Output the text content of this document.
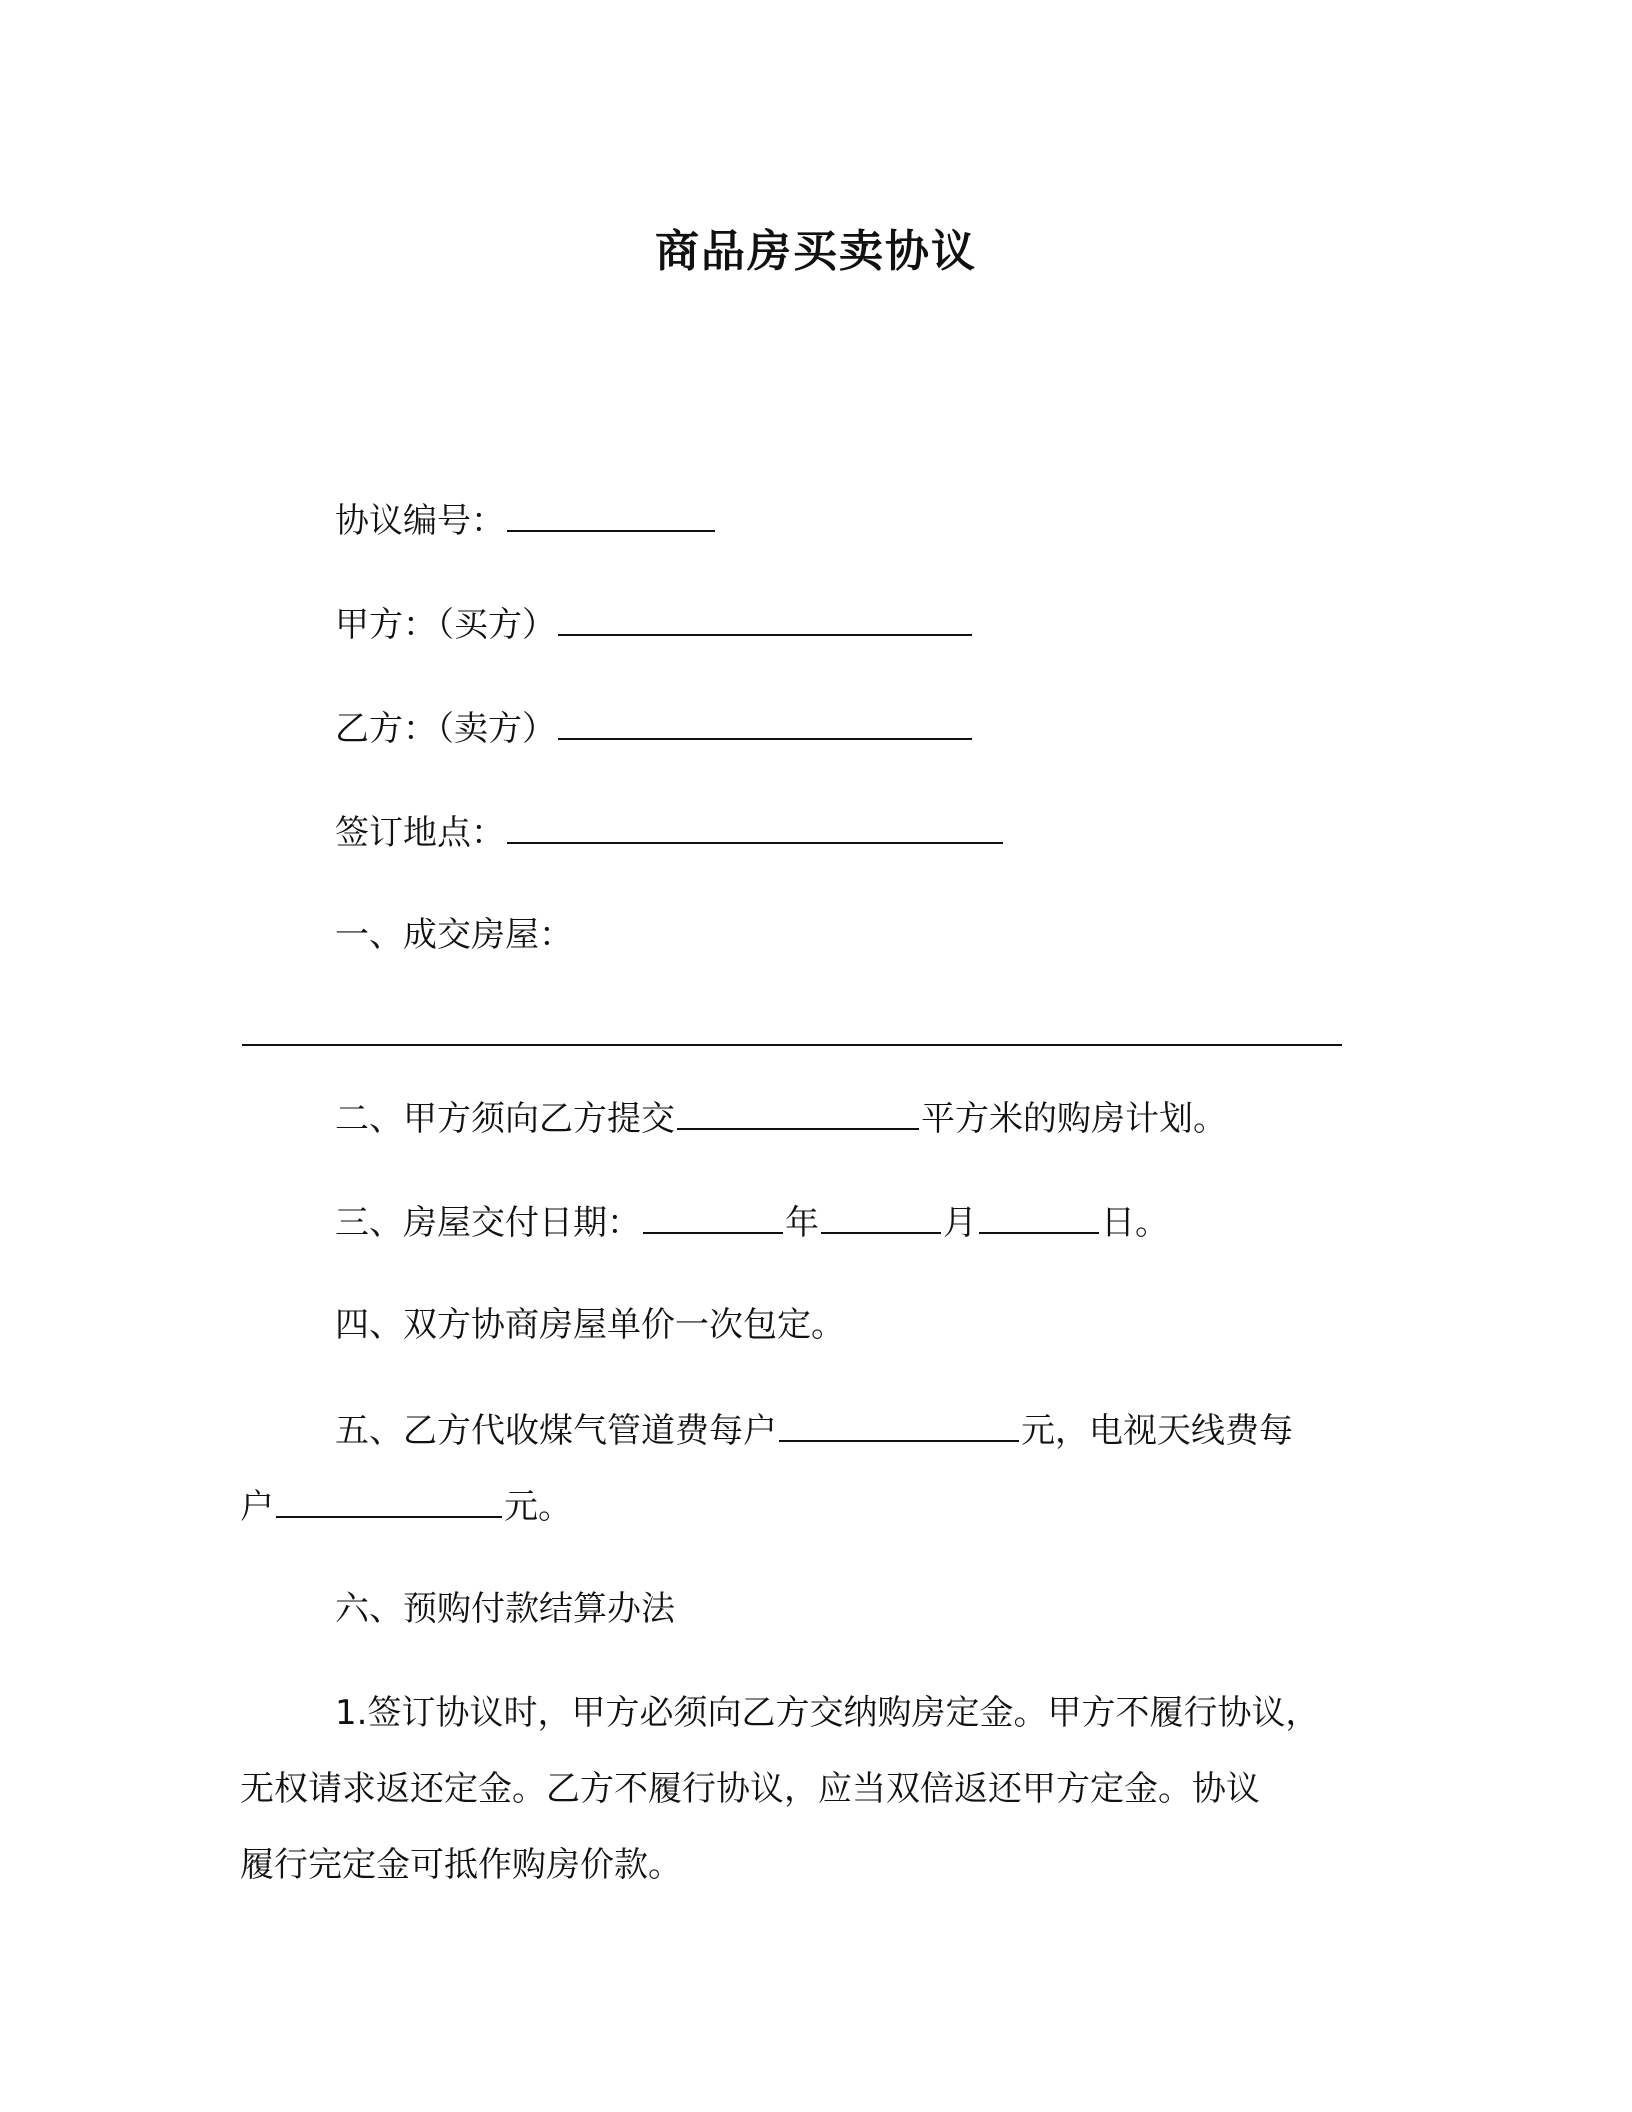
商品房买卖协议
协议编号：
甲方：（买方）
乙方：（卖方）
签订地点：
一、成交房屋：
二、甲方须向乙方提交	平方米的购房计划。
三、房屋交付日期：	年	月	日。
四、双方协商房屋单价一次包定。
五、乙方代收煤气管道费每户	元，电视天线费每
户	元。
六、预购付款结算办法
1.签订协议时，甲方必须向乙方交纳购房定金。甲方不履行协议，
无权请求返还定金。乙方不履行协议，应当双倍返还甲方定金。协议
履行完定金可抵作购房价款。
